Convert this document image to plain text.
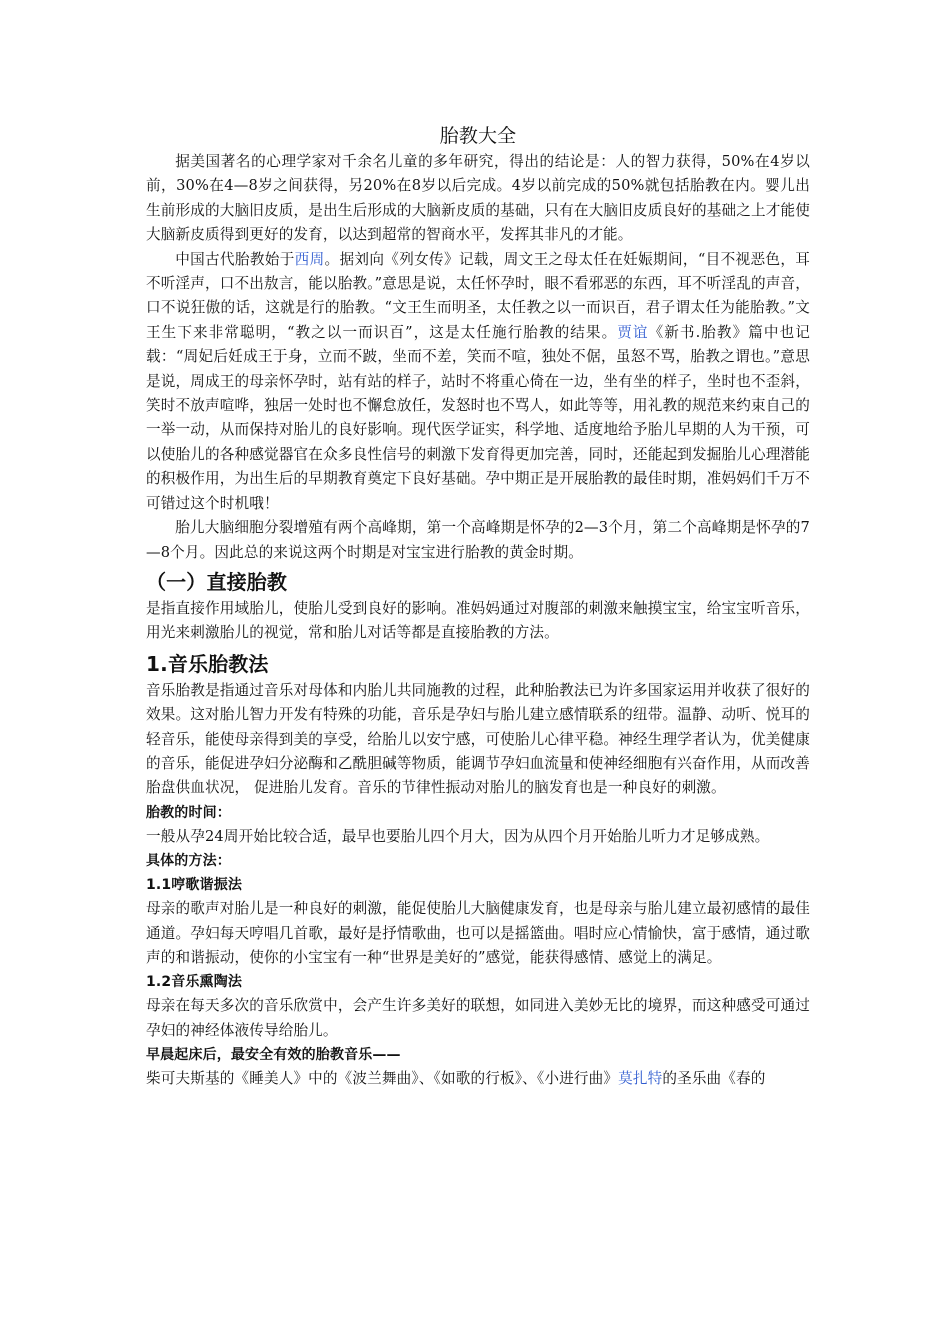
胎教大全

据美国著名的心理学家对千余名儿童的多年研究，得出的结论是：人的智力获得，50%在4岁以前，30%在4—8岁之间获得，另20%在8岁以后完成。4岁以前完成的50%就包括胎教在内。婴儿出生前形成的大脑旧皮质，是出生后形成的大脑新皮质的基础，只有在大脑旧皮质良好的基础之上才能使大脑新皮质得到更好的发育，以达到超常的智商水平，发挥其非凡的才能。

中国古代胎教始于西周。据刘向《列女传》记载，周文王之母太任在妊娠期间，“目不视恶色，耳不听淫声，口不出敖言，能以胎教。”意思是说，太任怀孕时，眼不看邪恶的东西，耳不听淫乱的声音，口不说狂傲的话，这就是行的胎教。“文王生而明圣，太任教之以一而识百，君子谓太任为能胎教。”文王生下来非常聪明，“教之以一而识百”，这是太任施行胎教的结果。贾谊《新书.胎教》篇中也记载：“周妃后妊成王于身，立而不跛，坐而不差，笑而不喧，独处不倨，虽怒不骂，胎教之谓也。”意思是说，周成王的母亲怀孕时，站有站的样子，站时不将重心倚在一边，坐有坐的样子，坐时也不歪斜，笑时不放声喧哗，独居一处时也不懈怠放任，发怒时也不骂人，如此等等，用礼教的规范来约束自己的一举一动，从而保持对胎儿的良好影响。现代医学证实，科学地、适度地给予胎儿早期的人为干预，可以使胎儿的各种感觉器官在众多良性信号的刺激下发育得更加完善，同时，还能起到发掘胎儿心理潜能的积极作用，为出生后的早期教育奠定下良好基础。孕中期正是开展胎教的最佳时期，准妈妈们千万不可错过这个时机哦！

胎儿大脑细胞分裂增殖有两个高峰期，第一个高峰期是怀孕的2—3个月，第二个高峰期是怀孕的7—8个月。因此总的来说这两个时期是对宝宝进行胎教的黄金时期。

（一）直接胎教

是指直接作用域胎儿，使胎儿受到良好的影响。准妈妈通过对腹部的刺激来触摸宝宝，给宝宝听音乐，用光来刺激胎儿的视觉，常和胎儿对话等都是直接胎教的方法。

1.音乐胎教法

音乐胎教是指通过音乐对母体和内胎儿共同施教的过程，此种胎教法已为许多国家运用并收获了很好的效果。这对胎儿智力开发有特殊的功能，音乐是孕妇与胎儿建立感情联系的纽带。温静、动听、悦耳的轻音乐，能使母亲得到美的享受，给胎儿以安宁感，可使胎儿心律平稳。神经生理学者认为，优美健康的音乐，能促进孕妇分泌酶和乙酰胆碱等物质，能调节孕妇血流量和使神经细胞有兴奋作用，从而改善胎盘供血状况， 促进胎儿发育。音乐的节律性振动对胎儿的脑发育也是一种良好的刺激。

胎教的时间：

一般从孕24周开始比较合适，最早也要胎儿四个月大，因为从四个月开始胎儿听力才足够成熟。

具体的方法：
1.1哼歌谐振法

母亲的歌声对胎儿是一种良好的刺激，能促使胎儿大脑健康发育，也是母亲与胎儿建立最初感情的最佳通道。孕妇每天哼唱几首歌，最好是抒情歌曲，也可以是摇篮曲。唱时应心情愉快，富于感情，通过歌声的和谐振动，使你的小宝宝有一种“世界是美好的”感觉，能获得感情、感觉上的满足。

1.2音乐熏陶法

母亲在每天多次的音乐欣赏中，会产生许多美好的联想，如同进入美妙无比的境界，而这种感受可通过孕妇的神经体液传导给胎儿。

早晨起床后，最安全有效的胎教音乐——

柴可夫斯基的《睡美人》中的《波兰舞曲》、《如歌的行板》、《小进行曲》莫扎特的圣乐曲《春的
